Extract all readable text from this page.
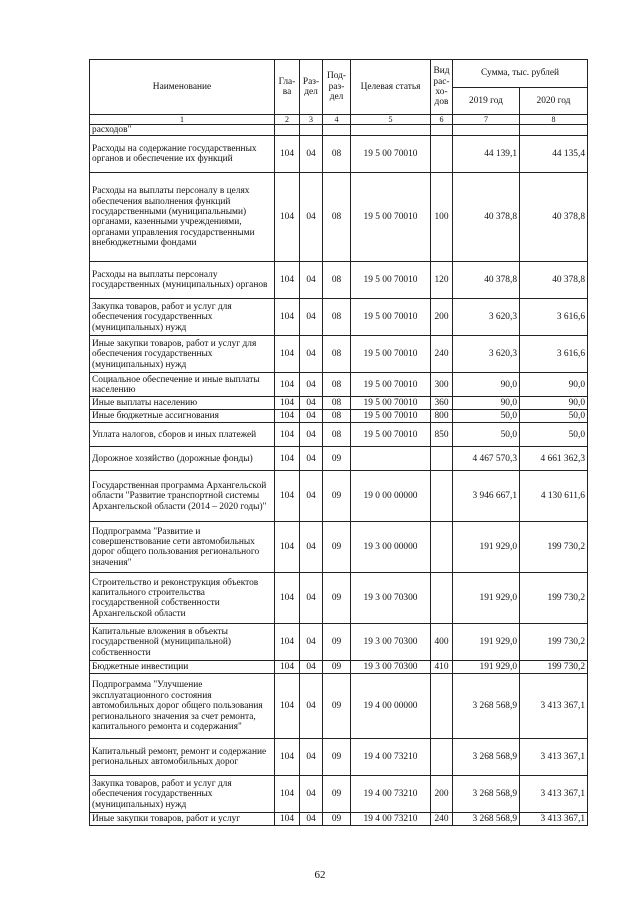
Наименование	Гла-ва	Раз-дел	Под-раз-дел	Целевая статья	Вид рас-хо-дов	Сумма, тыс. рублей	
						2019 год	2020 год
1	2	3	4	5	6	7	8
расходов"							
Расходы на содержание государственных органов и обеспечение их функций	104	04	08	19 5 00 70010		44 139,1	44 135,4
Расходы на выплаты персоналу в целях обеспечения выполнения функций государственными (муниципальными) органами, казенными учреждениями, органами управления государственными внебюджетными фондами	104	04	08	19 5 00 70010	100	40 378,8	40 378,8
Расходы на выплаты персоналу государственных (муниципальных) органов	104	04	08	19 5 00 70010	120	40 378,8	40 378,8
Закупка товаров, работ и услуг для обеспечения государственных (муниципальных) нужд	104	04	08	19 5 00 70010	200	3 620,3	3 616,6
Иные закупки товаров, работ и услуг для обеспечения государственных (муниципальных) нужд	104	04	08	19 5 00 70010	240	3 620,3	3 616,6
Социальное обеспечение и иные выплаты населению	104	04	08	19 5 00 70010	300	90,0	90,0
Иные выплаты населению	104	04	08	19 5 00 70010	360	90,0	90,0
Иные бюджетные ассигнования	104	04	08	19 5 00 70010	800	50,0	50,0
Уплата налогов, сборов и иных платежей	104	04	08	19 5 00 70010	850	50,0	50,0
Дорожное хозяйство (дорожные фонды)	104	04	09			4 467 570,3	4 661 362,3
Государственная программа Архангельской области "Развитие транспортной системы Архангельской области (2014 – 2020 годы)"	104	04	09	19 0 00 00000		3 946 667,1	4 130 611,6
Подпрограмма "Развитие и совершенствование сети автомобильных дорог общего пользования регионального значения"	104	04	09	19 3 00 00000		191 929,0	199 730,2
Строительство и реконструкция объектов капитального строительства государственной собственности Архангельской области	104	04	09	19 3 00 70300		191 929,0	199 730,2
Капитальные вложения в объекты государственной (муниципальной) собственности	104	04	09	19 3 00 70300	400	191 929,0	199 730,2
Бюджетные инвестиции	104	04	09	19 3 00 70300	410	191 929,0	199 730,2
Подпрограмма "Улучшение эксплуатационного состояния автомобильных дорог общего пользования регионального значения за счет ремонта, капитального ремонта и содержания"	104	04	09	19 4 00 00000		3 268 568,9	3 413 367,1
Капитальный ремонт, ремонт и содержание региональных автомобильных дорог	104	04	09	19 4 00 73210		3 268 568,9	3 413 367,1
Закупка товаров, работ и услуг для обеспечения государственных (муниципальных) нужд	104	04	09	19 4 00 73210	200	3 268 568,9	3 413 367,1
Иные закупки товаров, работ и услуг	104	04	09	19 4 00 73210	240	3 268 568,9	3 413 367,1
62
